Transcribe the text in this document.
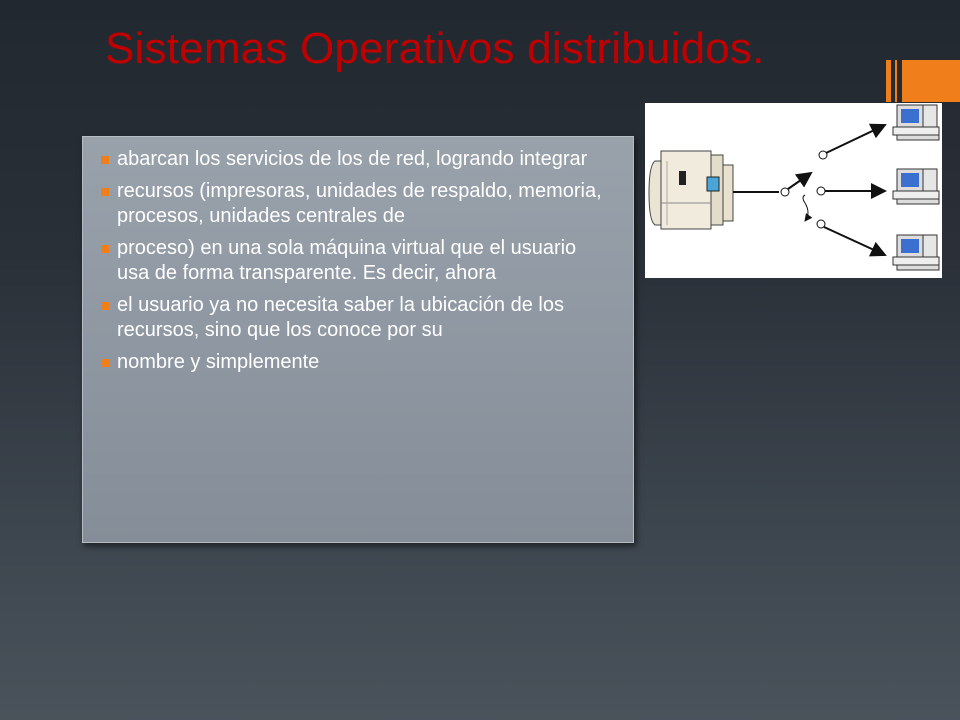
Sistemas Operativos distribuidos.
abarcan los servicios de los de red, logrando integrar
recursos (impresoras, unidades de respaldo, memoria, procesos, unidades centrales de
proceso) en una sola máquina virtual que el usuario usa de forma transparente. Es decir, ahora
el usuario ya no necesita saber la ubicación de los recursos, sino que los conoce por su
nombre y simplemente
